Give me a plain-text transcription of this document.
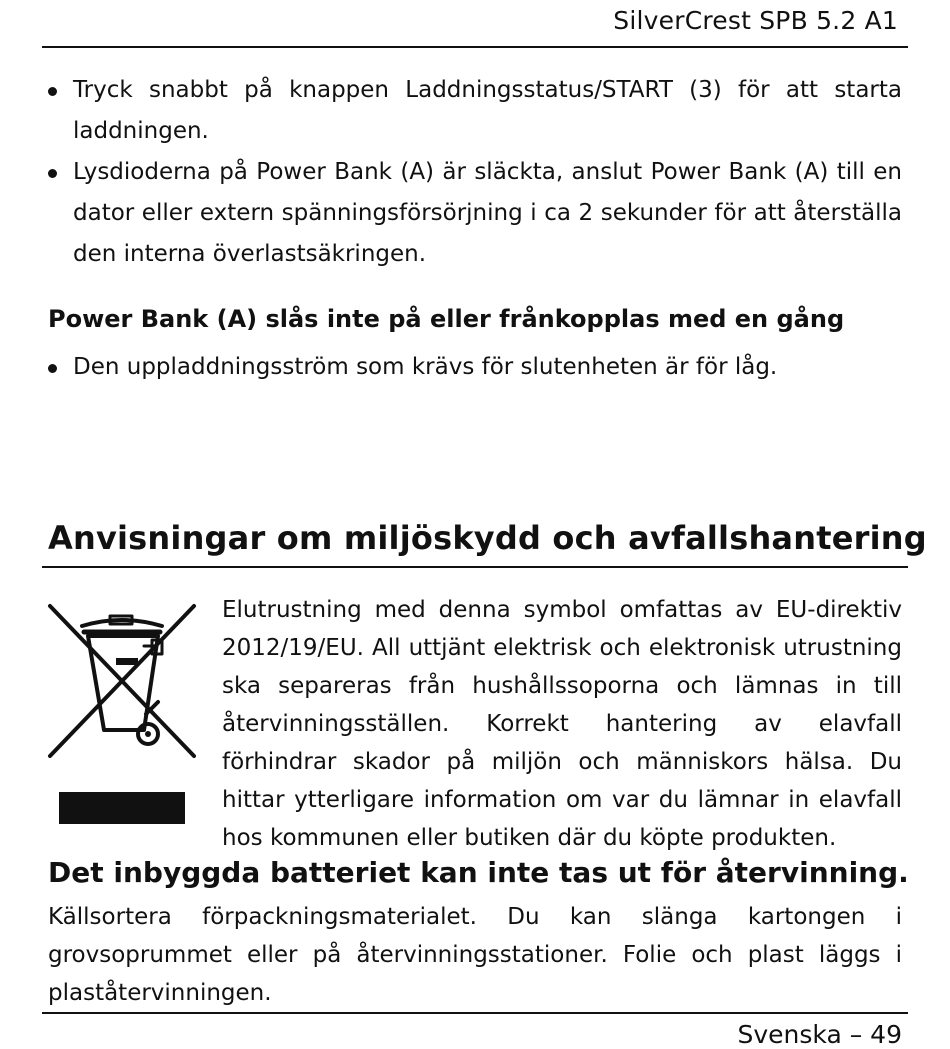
SilverCrest SPB 5.2 A1
Tryck snabbt på knappen Laddningsstatus/START (3) för att starta laddningen.
Lysdioderna på Power Bank (A) är släckta, anslut Power Bank (A) till en dator eller extern spänningsförsörjning i ca 2 sekunder för att återställa den interna överlastsäkringen.
Power Bank (A) slås inte på eller frånkopplas med en gång
Den uppladdningsström som krävs för slutenheten är för låg.
Anvisningar om miljöskydd och avfallshantering

Elutrustning med denna symbol omfattas av EU-direktiv 2012/19/EU. All uttjänt elektrisk och elektronisk utrustning ska separeras från hushållssoporna och lämnas in till återvinningsställen. Korrekt hantering av elavfall förhindrar skador på miljön och människors hälsa. Du hittar ytterligare information om var du lämnar in elavfall hos kommunen eller butiken där du köpte produkten.

Det inbyggda batteriet kan inte tas ut för återvinning.

Källsortera förpackningsmaterialet. Du kan slänga kartongen i grovsoprummet eller på återvinningsstationer. Folie och plast läggs i plaståtervinningen.

Svenska – 49
